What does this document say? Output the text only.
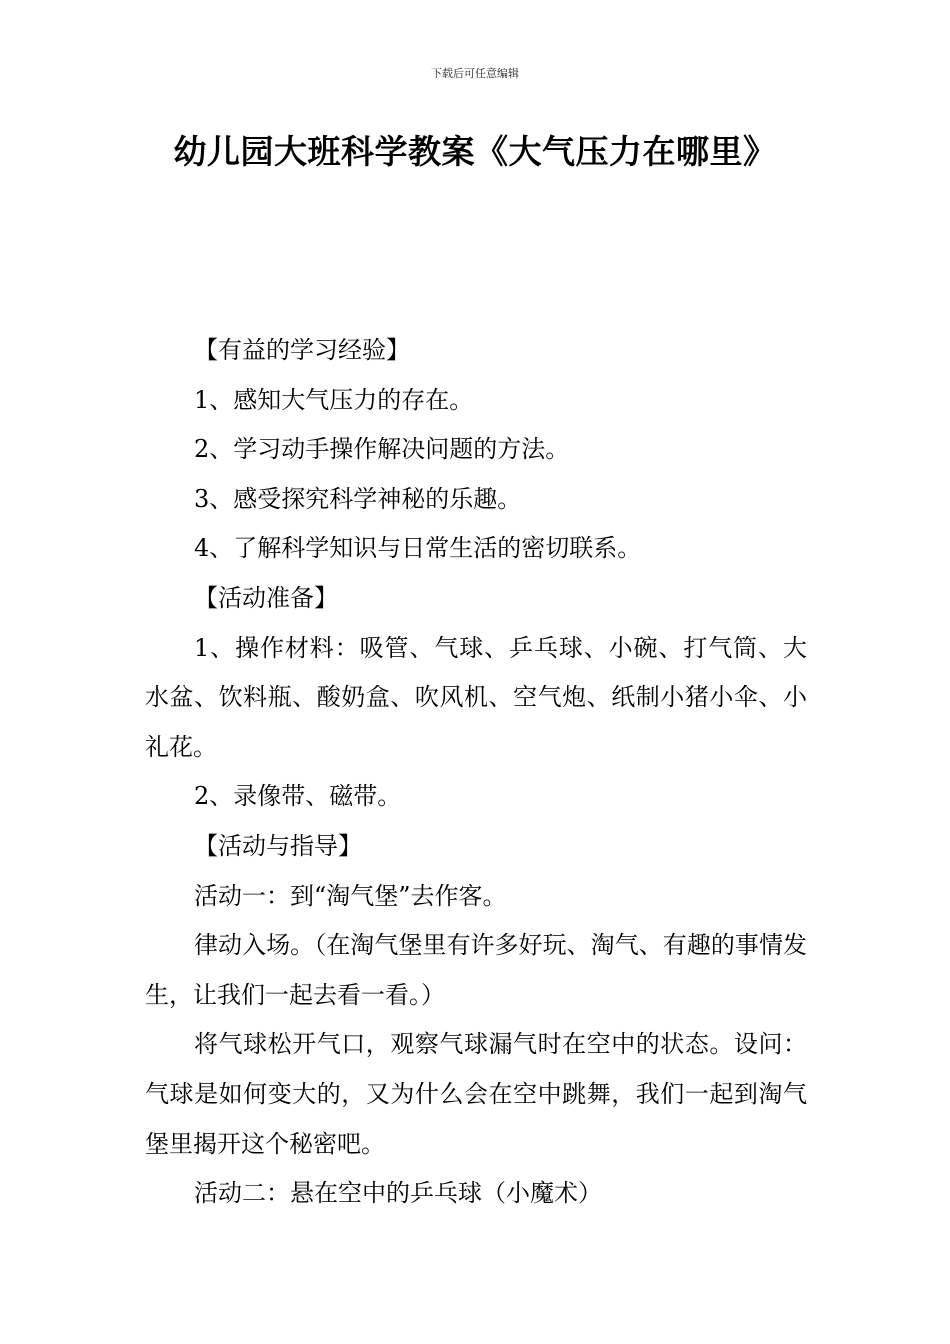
下载后可任意编辑
幼儿园大班科学教案《大气压力在哪里》

【有益的学习经验】

1、感知大气压力的存在。

2、学习动手操作解决问题的方法。

3、感受探究科学神秘的乐趣。

4、了解科学知识与日常生活的密切联系。

【活动准备】

1、操作材料：吸管、气球、乒乓球、小碗、打气筒、大水盆、饮料瓶、酸奶盒、吹风机、空气炮、纸制小猪小伞、小礼花。

2、录像带、磁带。

【活动与指导】

活动一：到“淘气堡”去作客。

律动入场。（在淘气堡里有许多好玩、淘气、有趣的事情发生，让我们一起去看一看。）

将气球松开气口，观察气球漏气时在空中的状态。设问：气球是如何变大的，又为什么会在空中跳舞，我们一起到淘气堡里揭开这个秘密吧。

活动二：悬在空中的乒乓球（小魔术）
